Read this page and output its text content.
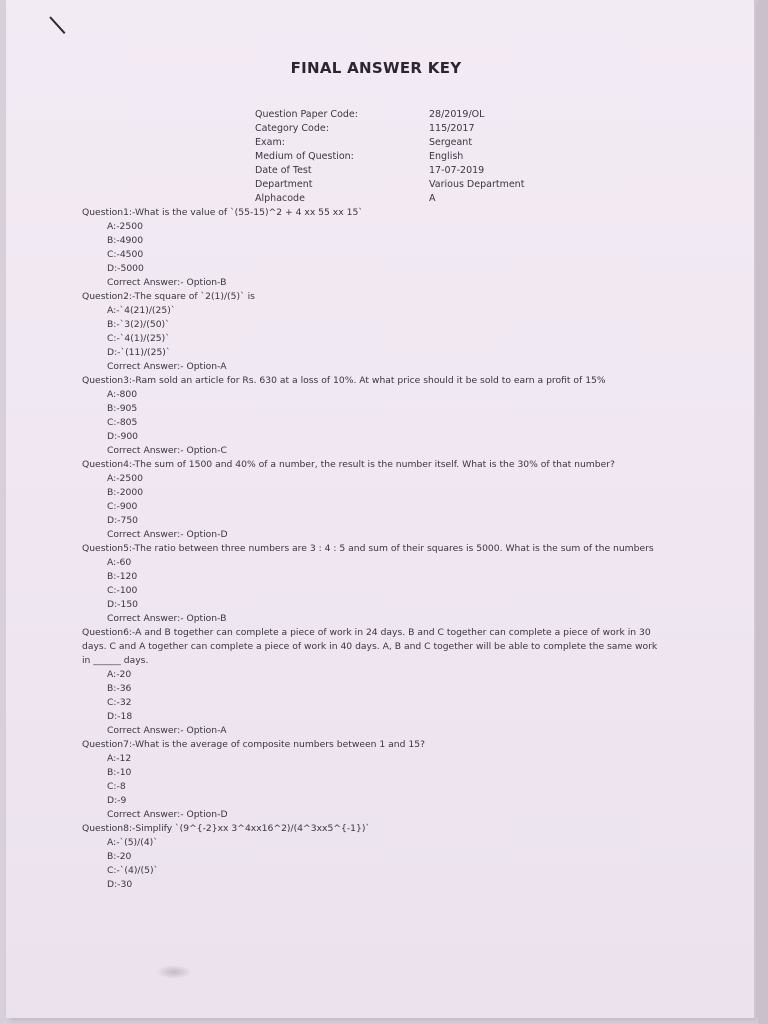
FINAL ANSWER KEY
Question Paper Code:	28/2019/OL
Category Code:	115/2017
Exam:	Sergeant
Medium of Question:	English
Date of Test	17-07-2019
Department	Various Department
Alphacode	A
Question1:-What is the value of `(55-15)^2 + 4 xx 55 xx 15`
A:-2500
B:-4900
C:-4500
D:-5000
Correct Answer:- Option-B
Question2:-The square of `2(1)/(5)` is
A:-`4(21)/(25)`
B:-`3(2)/(50)`
C:-`4(1)/(25)`
D:-`(11)/(25)`
Correct Answer:- Option-A
Question3:-Ram sold an article for Rs. 630 at a loss of 10%. At what price should it be sold to earn a profit of 15%
A:-800
B:-905
C:-805
D:-900
Correct Answer:- Option-C
Question4:-The sum of 1500 and 40% of a number, the result is the number itself. What is the 30% of that number?
A:-2500
B:-2000
C:-900
D:-750
Correct Answer:- Option-D
Question5:-The ratio between three numbers are 3 : 4 : 5 and sum of their squares is 5000. What is the sum of the numbers
A:-60
B:-120
C:-100
D:-150
Correct Answer:- Option-B
Question6:-A and B together can complete a piece of work in 24 days. B and C together can complete a piece of work in 30
days. C and A together can complete a piece of work in 40 days. A, B and C together will be able to complete the same work
in ______ days.
A:-20
B:-36
C:-32
D:-18
Correct Answer:- Option-A
Question7:-What is the average of composite numbers between 1 and 15?
A:-12
B:-10
C:-8
D:-9
Correct Answer:- Option-D
Question8:-Simplify `(9^{-2}xx 3^4xx16^2)/(4^3xx5^{-1})`
A:-`(5)/(4)`
B:-20
C:-`(4)/(5)`
D:-30
